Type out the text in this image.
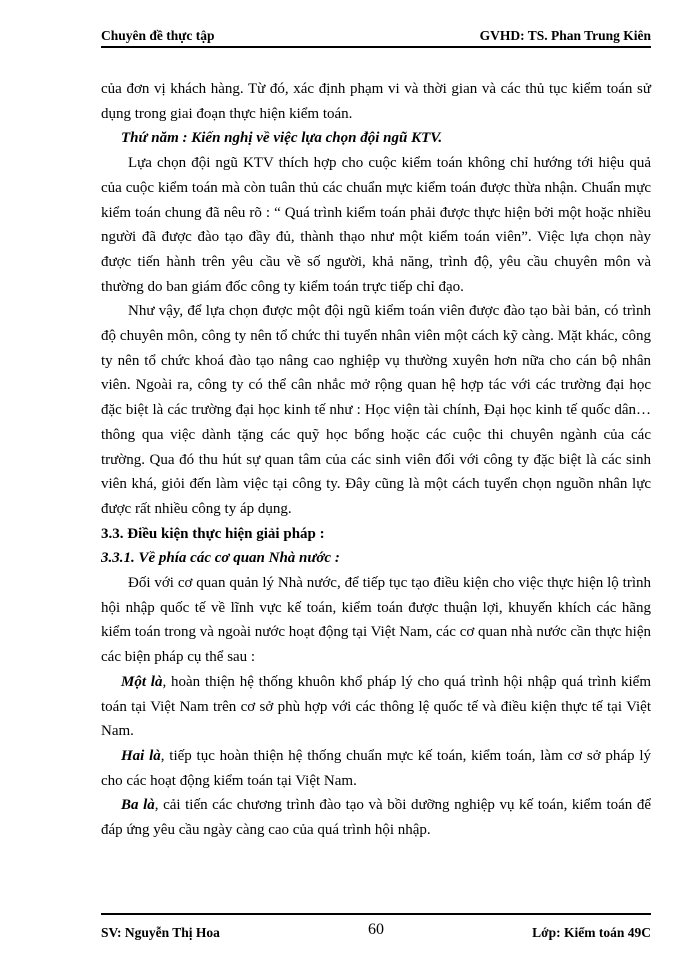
Chuyên đề thực tập	GVHD: TS. Phan Trung Kiên

của đơn vị khách hàng. Từ đó, xác định phạm vi và thời gian và các thủ tục kiểm toán sử dụng trong giai đoạn thực hiện kiểm toán.

Thứ năm : Kiến nghị về việc lựa chọn đội ngũ KTV.

Lựa chọn đội ngũ KTV thích hợp cho cuộc kiểm toán không chỉ hướng tới hiệu quả của cuộc kiểm toán mà còn tuân thủ các chuẩn mực kiểm toán được thừa nhận. Chuẩn mực kiểm toán chung đã nêu rõ : “ Quá trình kiểm toán phải được thực hiện bởi một hoặc nhiều người đã được đào tạo đầy đủ, thành thạo như một kiểm toán viên”. Việc lựa chọn này được tiến hành trên yêu cầu về số người, khả năng, trình độ, yêu cầu chuyên môn và thường do ban giám đốc công ty kiểm toán trực tiếp chỉ đạo.

Như vậy, để lựa chọn được một đội ngũ kiểm toán viên được đào tạo bài bản, có trình độ chuyên môn, công ty nên tổ chức thi tuyển nhân viên một cách kỹ càng. Mặt khác, công ty nên tổ chức khoá đào tạo nâng cao nghiệp vụ thường xuyên hơn nữa cho cán bộ nhân viên. Ngoài ra, công ty có thể cân nhắc mở rộng quan hệ hợp tác với các trường đại học đặc biệt là các trường đại học kinh tế như : Học viện tài chính, Đại học kinh tế quốc dân… thông qua việc dành tặng các quỹ học bổng hoặc các cuộc thi chuyên ngành của các trường. Qua đó thu hút sự quan tâm của các sinh viên đối với công ty đặc biệt là các sinh viên khá, giỏi đến làm việc tại công ty. Đây cũng là một cách tuyển chọn nguồn nhân lực được rất nhiều công ty áp dụng.

3.3. Điều kiện thực hiện giải pháp :

3.3.1. Về phía các cơ quan Nhà nước :

Đối với cơ quan quản lý Nhà nước, để tiếp tục tạo điều kiện cho việc thực hiện lộ trình hội nhập quốc tế về lĩnh vực kế toán, kiểm toán được thuận lợi, khuyến khích các hãng kiểm toán trong và ngoài nước hoạt động tại Việt Nam, các cơ quan nhà nước cần thực hiện các biện pháp cụ thể sau :

Một là, hoàn thiện hệ thống khuôn khổ pháp lý cho quá trình hội nhập quá trình kiểm toán tại Việt Nam trên cơ sở phù hợp với các thông lệ quốc tế và điều kiện thực tế tại Việt Nam.

Hai là, tiếp tục hoàn thiện hệ thống chuẩn mực kế toán, kiểm toán, làm cơ sở pháp lý cho các hoạt động kiểm toán tại Việt Nam.

Ba là, cải tiến các chương trình đào tạo và bồi dưỡng nghiệp vụ kế toán, kiểm toán để đáp ứng yêu cầu ngày càng cao của quá trình hội nhập.

SV: Nguyễn Thị Hoa	60	Lớp: Kiểm toán 49C
